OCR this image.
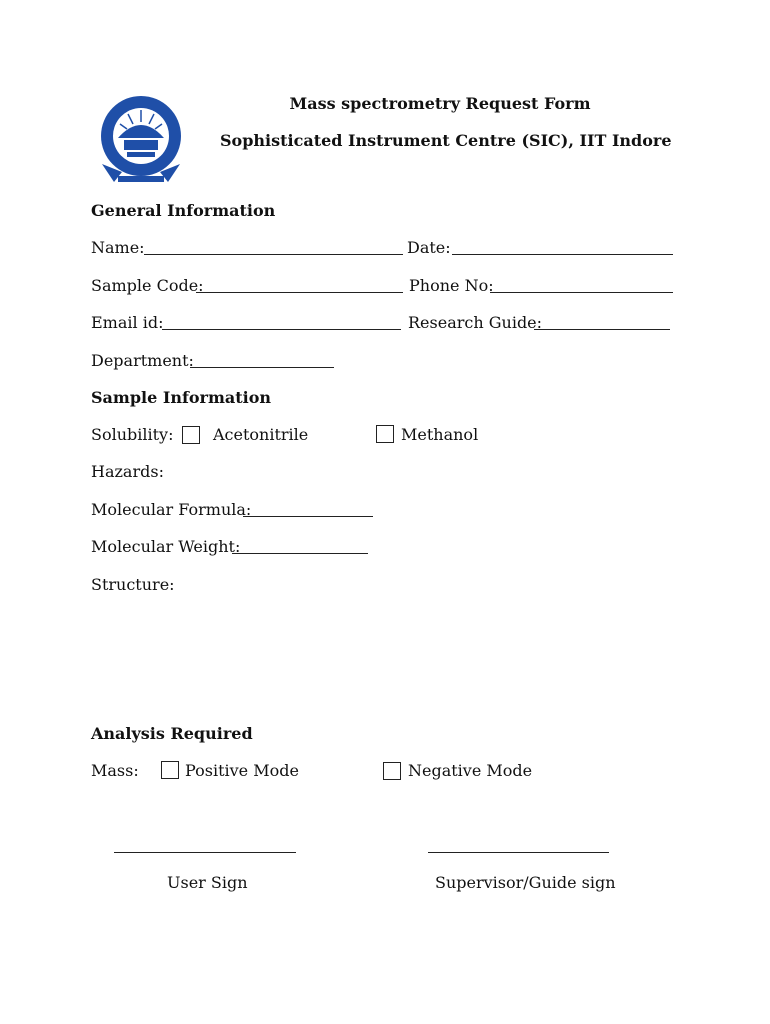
Mass spectrometry Request Form
Sophisticated Instrument Centre (SIC), IIT Indore
General Information
Name:	Date:
Sample Code:	Phone No:
Email id:	Research Guide:
Department:
Sample Information
Solubility: Acetonitrile	Methanol
Hazards:
Molecular Formula:
Molecular Weight:
Structure:
Analysis Required
Mass:	Positive Mode	Negative Mode
User Sign	Supervisor/Guide sign
